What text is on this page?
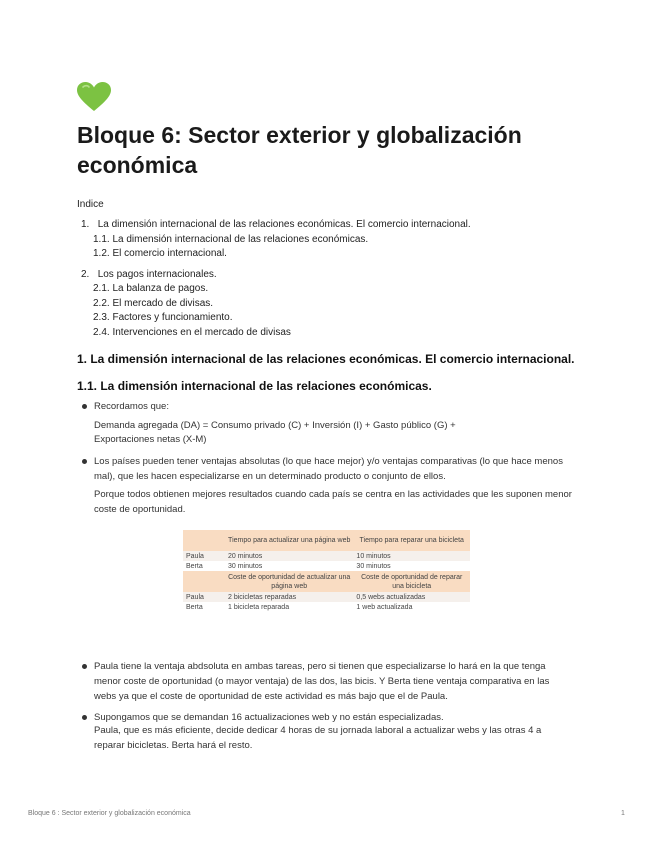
Bloque 6: Sector exterior y globalización económica
Indice
1.   La dimensión internacional de las relaciones económicas. El comercio internacional.
1.1. La dimensión internacional de las relaciones económicas.
1.2. El comercio internacional.
2.   Los pagos internacionales.
2.1. La balanza de pagos.
2.2. El mercado de divisas.
2.3. Factores y funcionamiento.
2.4. Intervenciones en el mercado de divisas
1. La dimensión internacional de las relaciones económicas. El comercio internacional.
1.1. La dimensión internacional de las relaciones económicas.
Recordamos que:
Demanda agregada (DA) = Consumo privado (C) + Inversión (I) + Gasto público (G) +
Exportaciones netas (X-M)
Los países pueden tener ventajas absolutas (lo que hace mejor) y/o ventajas comparativas (lo que hace menos mal), que les hacen especializarse en un determinado producto o conjunto de ellos.
Porque todos obtienen mejores resultados cuando cada país se centra en las actividades que les suponen menor coste de oportunidad.
	Tiempo para actualizar una página web	Tiempo para reparar una bicicleta
Paula	20 minutos	10 minutos
Berta	30 minutos	30 minutos
	Coste de oportunidad de actualizar una página web	Coste de oportunidad de reparar una bicicleta
Paula	2 bicicletas reparadas	0,5 webs actualizadas
Berta	1 bicicleta reparada	1 web actualizada
Paula tiene la ventaja abdsoluta en ambas tareas, pero si tienen que especializarse lo hará en la que tenga menor coste de oportunidad (o mayor ventaja) de las dos, las bicis. Y Berta tiene ventaja comparativa en las webs ya que el coste de oportunidad de este actividad es más bajo que el de Paula.
Supongamos que se demandan 16 actualizaciones web y no están especializadas.
Paula, que es más eficiente, decide dedicar 4 horas de su jornada laboral a actualizar webs y las otras 4 a reparar bicicletas. Berta hará el resto.
Bloque 6 : Sector exterior y globalización económica	1
